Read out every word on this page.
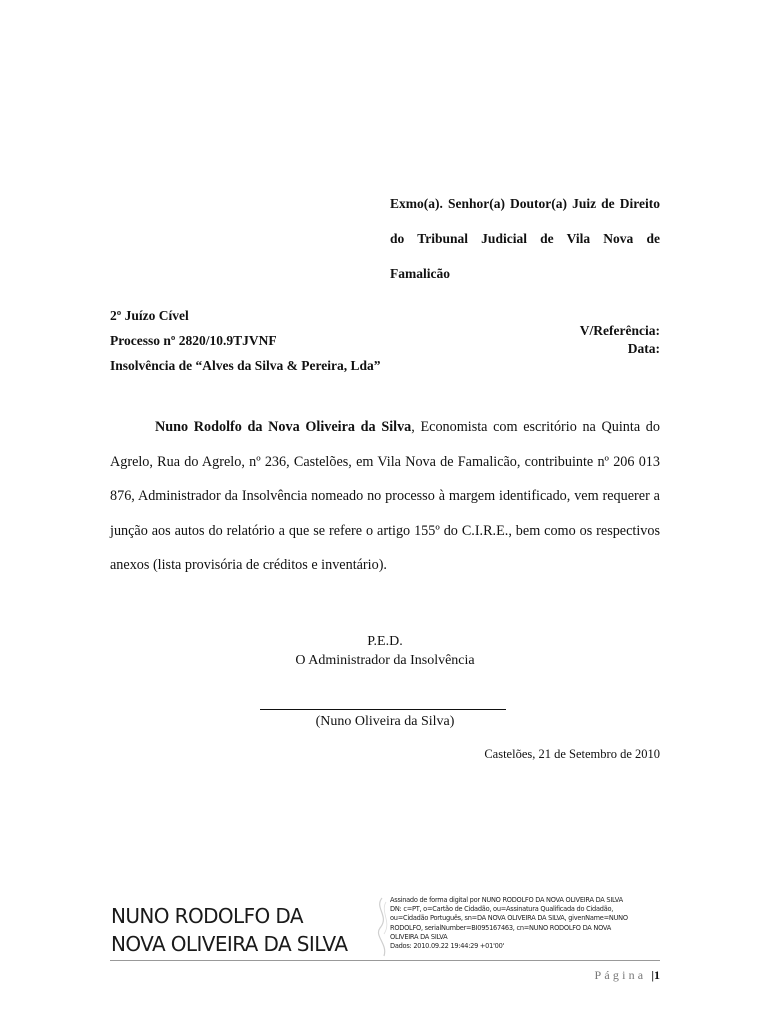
Exmo(a). Senhor(a) Doutor(a) Juiz de Direito do Tribunal Judicial de Vila Nova de Famalicão
2º Juízo Cível
Processo nº 2820/10.9TJVNF
Insolvência de “Alves da Silva & Pereira, Lda”
V/Referência:
Data:

Nuno Rodolfo da Nova Oliveira da Silva, Economista com escritório na Quinta do Agrelo, Rua do Agrelo, nº 236, Castelões, em Vila Nova de Famalicão, contribuinte nº 206 013 876, Administrador da Insolvência nomeado no processo à margem identificado, vem requerer a junção aos autos do relatório a que se refere o artigo 155º do C.I.R.E., bem como os respectivos anexos (lista provisória de créditos e inventário).

P.E.D.
O Administrador da Insolvência
(Nuno Oliveira da Silva)
Castelões, 21 de Setembro de 2010
NUNO RODOLFO DA
NOVA OLIVEIRA DA SILVA
Assinado de forma digital por NUNO RODOLFO DA NOVA OLIVEIRA DA SILVA
DN: c=PT, o=Cartão de Cidadão, ou=Assinatura Qualificada do Cidadão,
ou=Cidadão Português, sn=DA NOVA OLIVEIRA DA SILVA, givenName=NUNO
RODOLFO, serialNumber=BI095167463, cn=NUNO RODOLFO DA NOVA
OLIVEIRA DA SILVA
Dados: 2010.09.22 19:44:29 +01'00'
Página |1
